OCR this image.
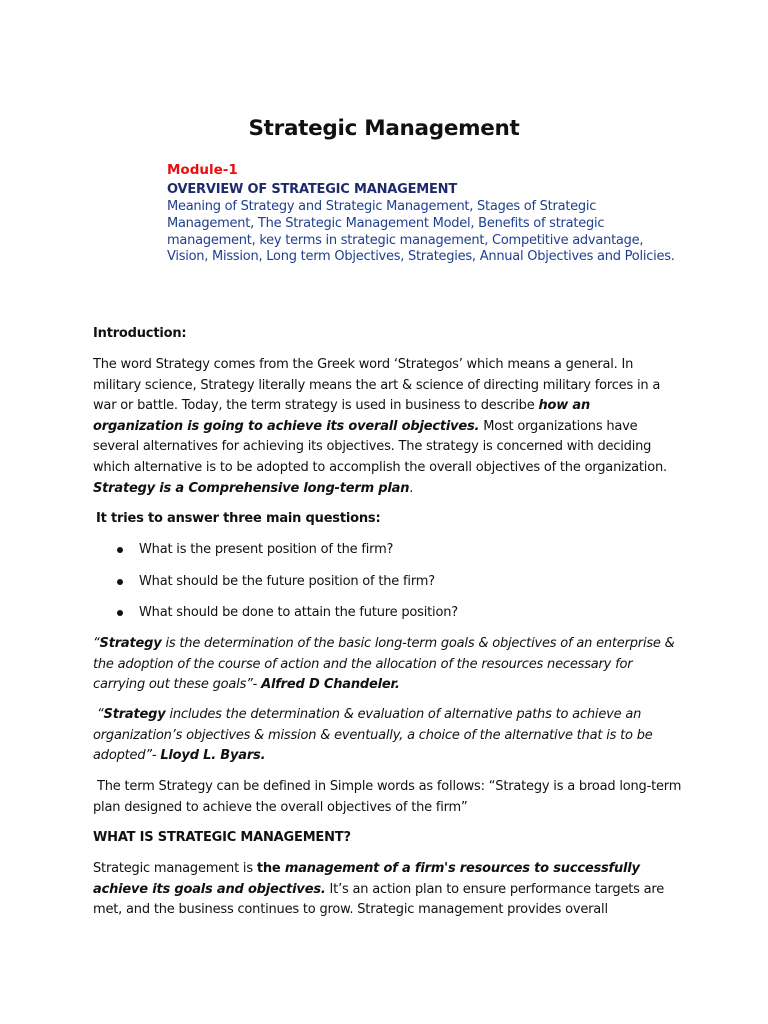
Strategic Management
Module-1
OVERVIEW OF STRATEGIC MANAGEMENT
Meaning of Strategy and Strategic Management, Stages of Strategic Management, The Strategic Management Model, Benefits of strategic management, key terms in strategic management, Competitive advantage, Vision, Mission, Long term Objectives, Strategies, Annual Objectives and Policies.
Introduction:
The word Strategy comes from the Greek word ‘Strategos’ which means a general. In military science, Strategy literally means the art & science of directing military forces in a war or battle. Today, the term strategy is used in business to describe how an organization is going to achieve its overall objectives. Most organizations have several alternatives for achieving its objectives. The strategy is concerned with deciding which alternative is to be adopted to accomplish the overall objectives of the organization. Strategy is a Comprehensive long-term plan.
It tries to answer three main questions:
What is the present position of the firm?
What should be the future position of the firm?
What should be done to attain the future position?
“Strategy is the determination of the basic long-term goals & objectives of an enterprise & the adoption of the course of action and the allocation of the resources necessary for carrying out these goals”- Alfred D Chandeler.
“Strategy includes the determination & evaluation of alternative paths to achieve an organization’s objectives & mission & eventually, a choice of the alternative that is to be adopted”- Lloyd L. Byars.
The term Strategy can be defined in Simple words as follows: “Strategy is a broad long-term plan designed to achieve the overall objectives of the firm”
WHAT IS STRATEGIC MANAGEMENT?
Strategic management is the management of a firm's resources to successfully achieve its goals and objectives. It’s an action plan to ensure performance targets are met, and the business continues to grow. Strategic management provides overall
